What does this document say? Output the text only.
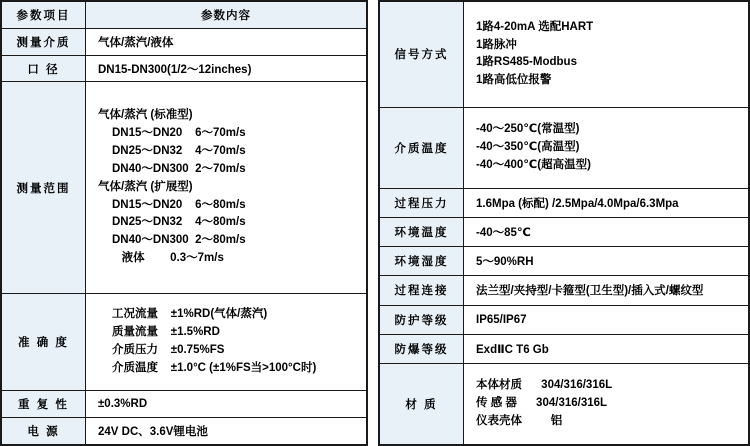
参数项目	参数内容
测量介质	气体/蒸汽/液体
口 径	DN15-DN300(1/2～12inches)
测量范围	
气体/蒸汽 (标准型)
DN15～DN20    6～70m/s
DN25～DN32    4～70m/s
DN40～DN300  2～70m/s
气体/蒸汽 (扩展型)
DN15～DN20    6～80m/s
DN25～DN32    4～80m/s
DN40～DN300  2～80m/s
液体        0.3～7m/s

准 确 度	工况流量    ±1%RD(气体/蒸汽)
质量流量    ±1.5%RD
介质压力    ±0.75%FS
介质温度    ±1.0°C (±1%FS当>100°C时)

重 复 性	±0.3%RD
电 源	24V DC、3.6V锂电池
信号方式	1路4-20mA 选配HART
1路脉冲
1路RS485-Modbus
1路高低位报警

介质温度	-40～250℃(常温型)
-40～350℃(高温型)
-40～400℃(超高温型)

过程压力	1.6Mpa (标配) /2.5Mpa/4.0Mpa/6.3Mpa
环境温度	-40～85℃
环境湿度	5～90%RH
过程连接	法兰型/夹持型/卡箍型(卫生型)/插入式/螺纹型
防护等级	IP65/IP67
防爆等级	ExdⅡC T6 Gb
材 质	本体材质      304/316/316L
传 感 器      304/316/316L
仪表壳体         铝
